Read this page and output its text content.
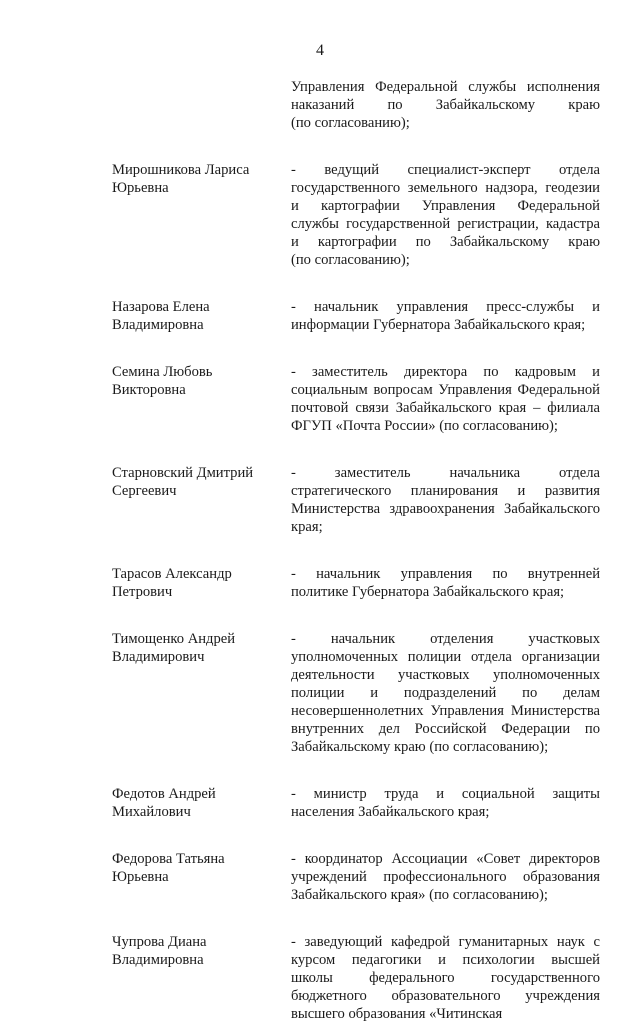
4
Управления Федеральной службы исполнения
наказаний по Забайкальскому краю
(по согласованию);
Мирошникова Лариса
Юрьевна
- ведущий специалист-эксперт отдела
государственного земельного надзора, геодезии
и картографии Управления Федеральной
службы государственной регистрации, кадастра
и картографии по Забайкальскому краю
(по согласованию);
Назарова Елена
Владимировна
- начальник управления пресс-службы и
информации Губернатора Забайкальского края;
Семина Любовь
Викторовна
- заместитель директора по кадровым и
социальным вопросам Управления Федеральной
почтовой связи Забайкальского края – филиала
ФГУП «Почта России» (по согласованию);
Старновский Дмитрий
Сергеевич
- заместитель начальника отдела
стратегического планирования и развития
Министерства здравоохранения Забайкальского
края;
Тарасов Александр
Петрович
- начальник управления по внутренней
политике Губернатора Забайкальского края;
Тимощенко Андрей
Владимирович
- начальник отделения участковых
уполномоченных полиции отдела организации
деятельности участковых уполномоченных
полиции и подразделений по делам
несовершеннолетних Управления Министерства
внутренних дел Российской Федерации по
Забайкальскому краю (по согласованию);
Федотов Андрей
Михайлович
- министр труда и социальной защиты
населения Забайкальского края;
Федорова Татьяна
Юрьевна
- координатор Ассоциации «Совет директоров
учреждений профессионального образования
Забайкальского края» (по согласованию);
Чупрова Диана
Владимировна
- заведующий кафедрой гуманитарных наук с
курсом педагогики и психологии высшей
школы федерального государственного
бюджетного образовательного учреждения
высшего образования «Читинская
